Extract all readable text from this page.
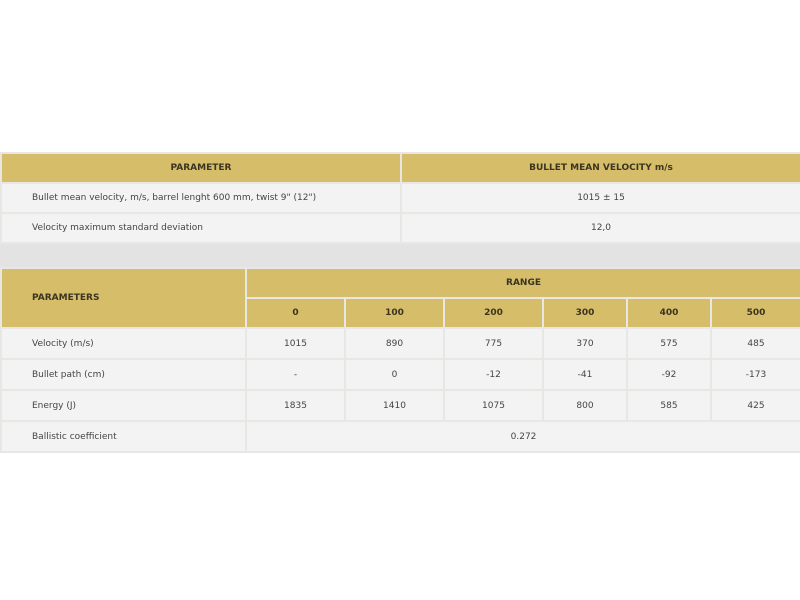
PARAMETER	BULLET MEAN VELOCITY m/s
Bullet mean velocity, m/s, barrel lenght 600 mm, twist 9" (12")	1015 ± 15
Velocity maximum standard deviation	12,0
PARAMETERS	RANGE					
	0	100	200	300	400	500
Velocity (m/s)	1015	890	775	370	575	485
Bullet path (cm)	-	0	-12	-41	-92	-173
Energy (J)	1835	1410	1075	800	585	425
Ballistic coefficient	0.272					
